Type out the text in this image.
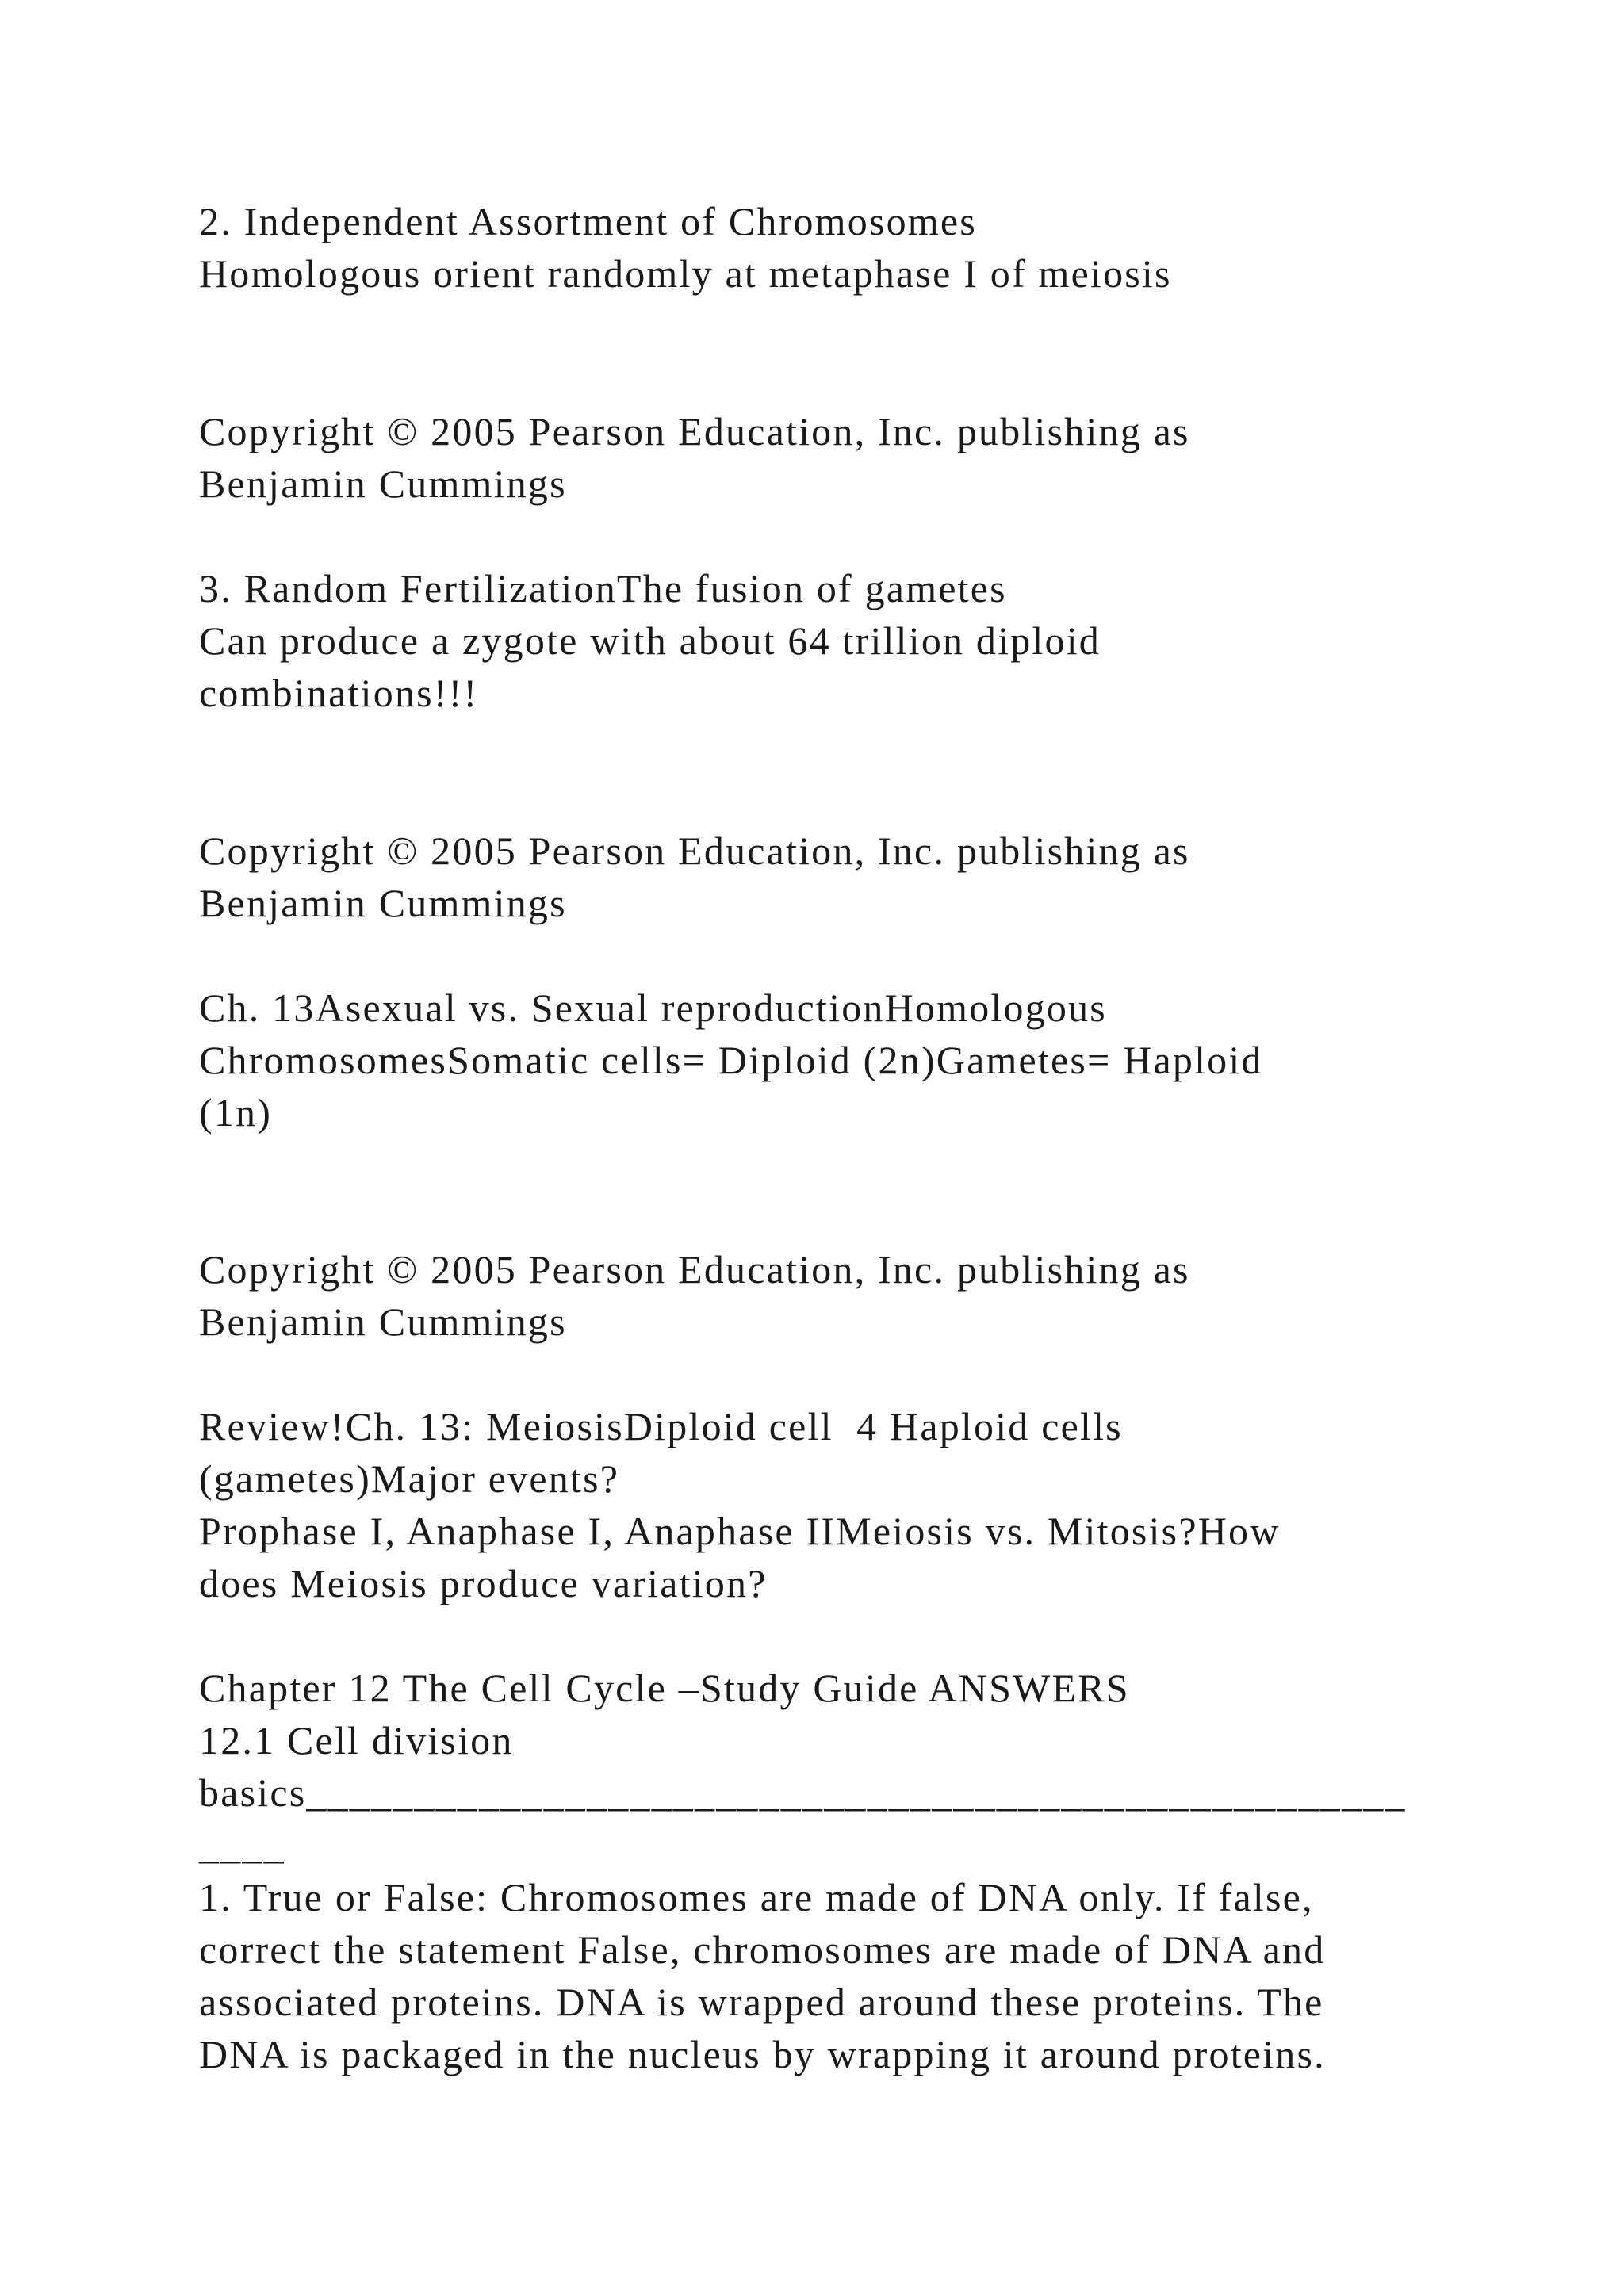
2. Independent Assortment of Chromosomes
Homologous orient randomly at metaphase I of meiosis
Copyright © 2005 Pearson Education, Inc. publishing as
Benjamin Cummings
3. Random FertilizationThe fusion of gametes
Can produce a zygote with about 64 trillion diploid
combinations!!!
Copyright © 2005 Pearson Education, Inc. publishing as
Benjamin Cummings
Ch. 13Asexual vs. Sexual reproductionHomologous
ChromosomesSomatic cells= Diploid (2n)Gametes= Haploid
(1n)
Copyright © 2005 Pearson Education, Inc. publishing as
Benjamin Cummings
Review!Ch. 13: MeiosisDiploid cell  4 Haploid cells
(gametes)Major events?
Prophase I, Anaphase I, Anaphase IIMeiosis vs. Mitosis?How
does Meiosis produce variation?
Chapter 12 The Cell Cycle –Study Guide ANSWERS
12.1 Cell division
basics___________________________________________________
____
1. True or False: Chromosomes are made of DNA only. If false,
correct the statement False, chromosomes are made of DNA and
associated proteins. DNA is wrapped around these proteins. The
DNA is packaged in the nucleus by wrapping it around proteins.
